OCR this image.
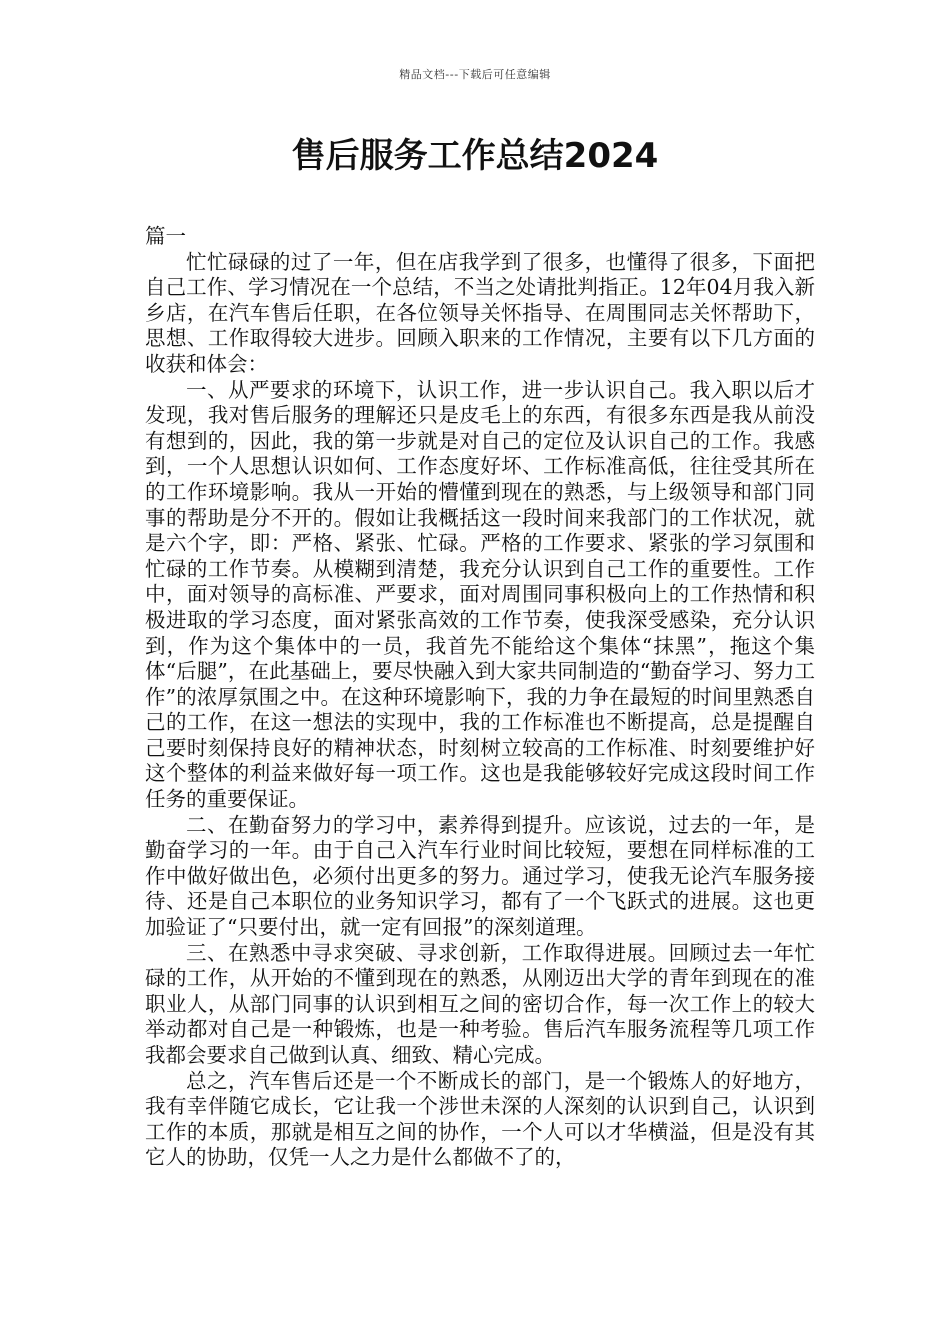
精品文档---下载后可任意编辑
售后服务工作总结2024

篇一

忙忙碌碌的过了一年，但在店我学到了很多，也懂得了很多，下面把自己工作、学习情况在一个总结，不当之处请批判指正。12年04月我入新乡店，在汽车售后任职，在各位领导关怀指导、在周围同志关怀帮助下，思想、工作取得较大进步。回顾入职来的工作情况，主要有以下几方面的收获和体会：

一、从严要求的环境下，认识工作，进一步认识自己。我入职以后才发现，我对售后服务的理解还只是皮毛上的东西，有很多东西是我从前没有想到的，因此，我的第一步就是对自己的定位及认识自己的工作。我感到，一个人思想认识如何、工作态度好坏、工作标准高低，往往受其所在的工作环境影响。我从一开始的懵懂到现在的熟悉，与上级领导和部门同事的帮助是分不开的。假如让我概括这一段时间来我部门的工作状况，就是六个字，即：严格、紧张、忙碌。严格的工作要求、紧张的学习氛围和忙碌的工作节奏。从模糊到清楚，我充分认识到自己工作的重要性。工作中，面对领导的高标准、严要求，面对周围同事积极向上的工作热情和积极进取的学习态度，面对紧张高效的工作节奏，使我深受感染，充分认识到，作为这个集体中的一员，我首先不能给这个集体“抹黑”，拖这个集体“后腿”，在此基础上，要尽快融入到大家共同制造的“勤奋学习、努力工作”的浓厚氛围之中。在这种环境影响下，我的力争在最短的时间里熟悉自己的工作，在这一想法的实现中，我的工作标准也不断提高，总是提醒自己要时刻保持良好的精神状态，时刻树立较高的工作标准、时刻要维护好这个整体的利益来做好每一项工作。这也是我能够较好完成这段时间工作任务的重要保证。

二、在勤奋努力的学习中，素养得到提升。应该说，过去的一年，是勤奋学习的一年。由于自己入汽车行业时间比较短，要想在同样标准的工作中做好做出色，必须付出更多的努力。通过学习，使我无论汽车服务接待、还是自己本职位的业务知识学习，都有了一个飞跃式的进展。这也更加验证了“只要付出，就一定有回报”的深刻道理。

三、在熟悉中寻求突破、寻求创新，工作取得进展。回顾过去一年忙碌的工作，从开始的不懂到现在的熟悉，从刚迈出大学的青年到现在的准职业人，从部门同事的认识到相互之间的密切合作，每一次工作上的较大举动都对自己是一种锻炼，也是一种考验。售后汽车服务流程等几项工作我都会要求自己做到认真、细致、精心完成。

总之，汽车售后还是一个不断成长的部门，是一个锻炼人的好地方，我有幸伴随它成长，它让我一个涉世未深的人深刻的认识到自己，认识到工作的本质，那就是相互之间的协作，一个人可以才华横溢，但是没有其它人的协助，仅凭一人之力是什么都做不了的，
